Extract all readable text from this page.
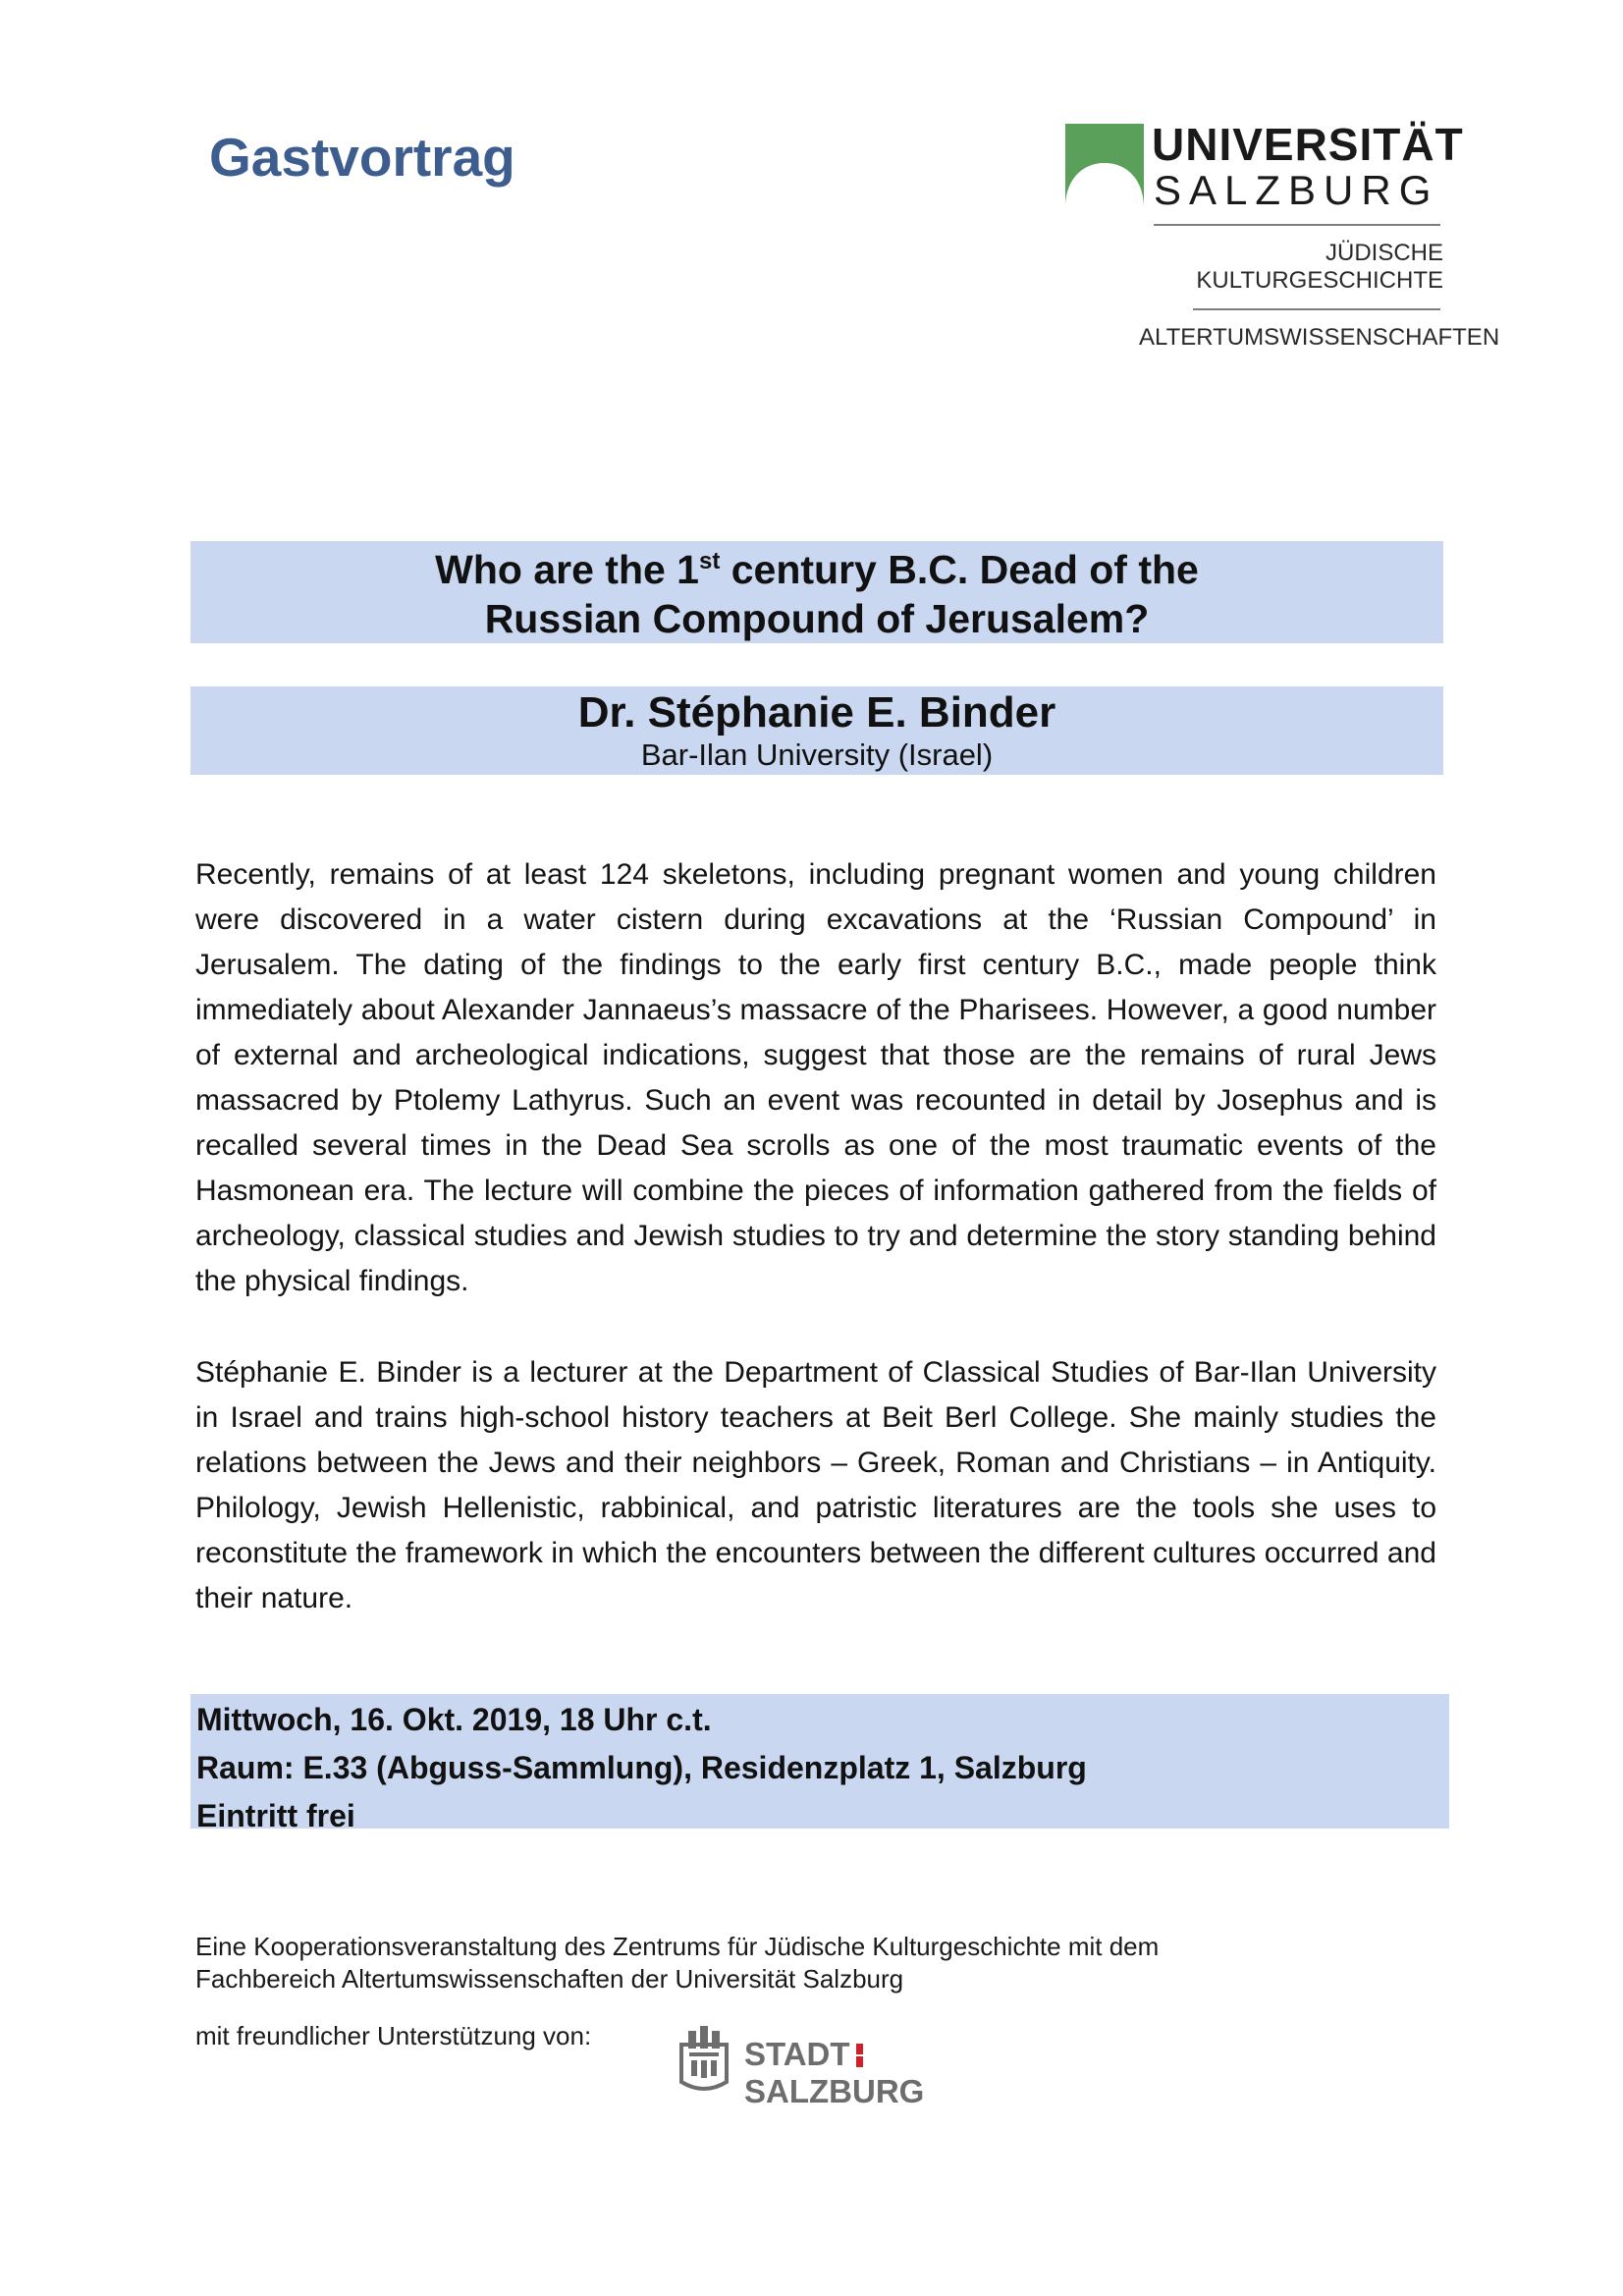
Gastvortrag	UNIVERSITÄT
SALZBURG
JÜDISCHE
KULTURGESCHICHTE
ALTERTUMSWISSENSCHAFTEN
Who are the 1st century B.C. Dead of the
Russian Compound of Jerusalem?
Dr. Stéphanie E. Binder
Bar-Ilan University (Israel)
Recently, remains of at least 124 skeletons, including pregnant women and young children were discovered in a water cistern during excavations at the ‘Russian Compound’ in Jerusalem. The dating of the findings to the early first century B.C., made people think immediately about Alexander Jannaeus’s massacre of the Pharisees. However, a good number of external and archeological indications, suggest that those are the remains of rural Jews massacred by Ptolemy Lathyrus. Such an event was recounted in detail by Josephus and is recalled several times in the Dead Sea scrolls as one of the most traumatic events of the Hasmonean era. The lecture will combine the pieces of information gathered from the fields of archeology, classical studies and Jewish studies to try and determine the story standing behind the physical findings.
Stéphanie E. Binder is a lecturer at the Department of Classical Studies of Bar-Ilan University in Israel and trains high-school history teachers at Beit Berl College. She mainly studies the relations between the Jews and their neighbors – Greek, Roman and Christians – in Antiquity. Philology, Jewish Hellenistic, rabbinical, and patristic literatures are the tools she uses to reconstitute the framework in which the encounters between the different cultures occurred and their nature.
Mittwoch, 16. Okt. 2019, 18 Uhr c.t.
Raum: E.33 (Abguss-Sammlung), Residenzplatz 1, Salzburg
Eintritt frei
Eine Kooperationsveranstaltung des Zentrums für Jüdische Kulturgeschichte mit dem
Fachbereich Altertumswissenschaften der Universität Salzburg
mit freundlicher Unterstützung von:	STADTSALZBURG
